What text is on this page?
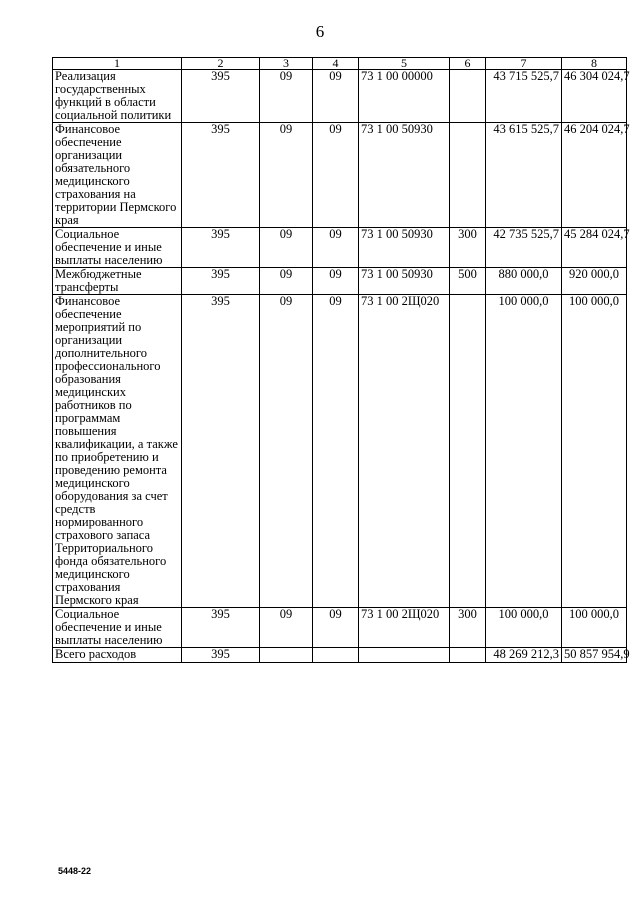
6
1	2	3	4	5	6	7	8
Реализация государственных функций в области социальной политики	395	09	09	73 1 00 00000		43 715 525,7	46 304 024,7
Финансовое обеспечение организации обязательного медицинского страхования на территории Пермского края	395	09	09	73 1 00 50930		43 615 525,7	46 204 024,7
Социальное обеспечение и иные выплаты населению	395	09	09	73 1 00 50930	300	42 735 525,7	45 284 024,7
Межбюджетные трансферты	395	09	09	73 1 00 50930	500	880 000,0	920 000,0
Финансовое обеспечение мероприятий по организации дополнительного профессионального образования медицинских работников по программам повышения квалификации, а также по приобретению и проведению ремонта медицинского оборудования за счет средств нормированного страхового запаса Территориального фонда обязательного медицинского страхования Пермского края	395	09	09	73 1 00 2Щ020		100 000,0	100 000,0
Социальное обеспечение и иные выплаты населению	395	09	09	73 1 00 2Щ020	300	100 000,0	100 000,0
Всего расходов	395					48 269 212,3	50 857 954,9
5448-22
